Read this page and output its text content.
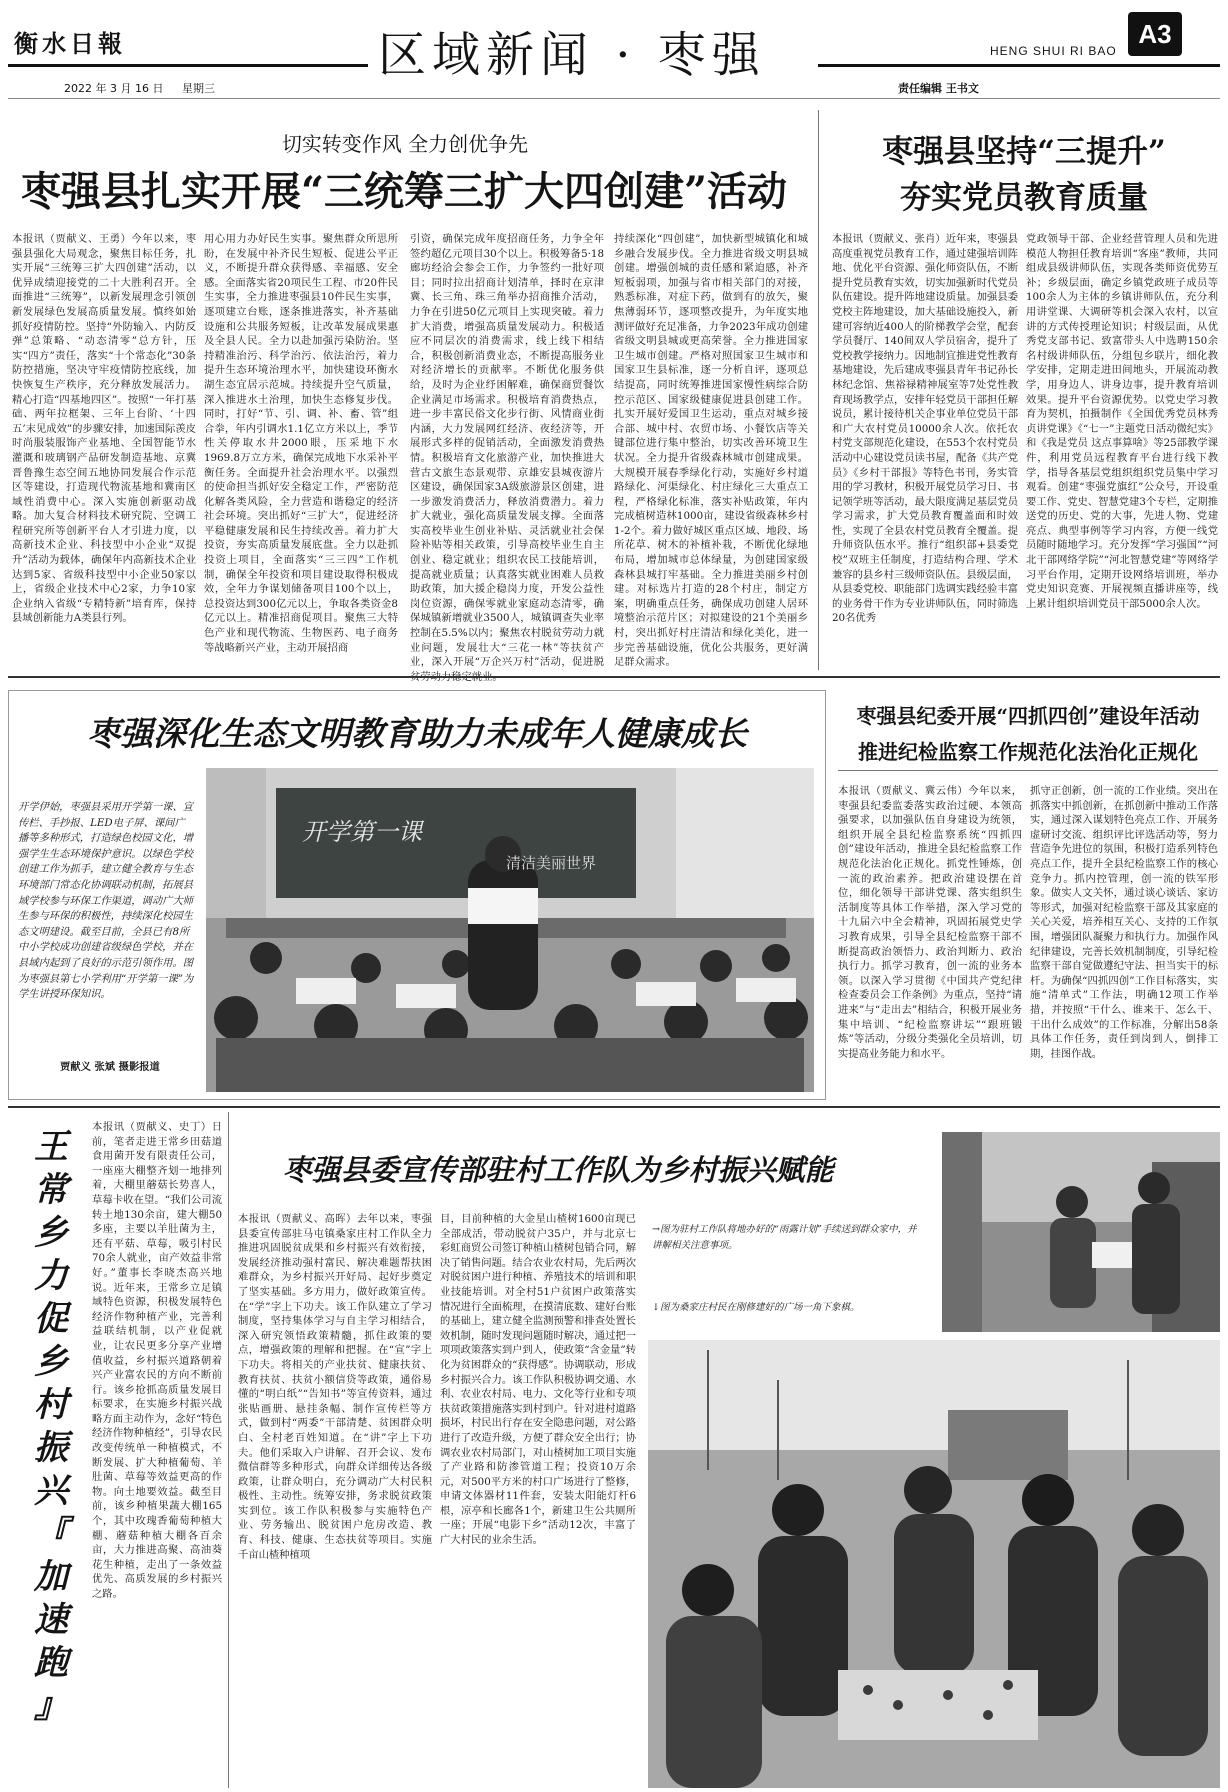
衡水日報	区域新闻 · 枣强	HENG SHUI RI BAO
A3
2022 年 3 月 16 日	星期三	责任编辑 王书文
切实转变作风 全力创优争先
枣强县扎实开展“三统筹三扩大四创建”活动
本报讯（贾献义、王勇）今年以来，枣强县强化大局观念，聚焦目标任务，扎实开展“三统筹三扩大四创建”活动，以优异成绩迎接党的二十大胜利召开。全面推进“三统筹”，以新发展理念引领创新发展绿色发展高质量发展。慎终如始抓好疫情防控。坚持“外防输入、内防反弹”总策略、“动态清零”总方针，压实“四方”责任，落实“十个常态化”30条防控措施，坚决守牢疫情防控底线，加快恢复生产秩序，充分释放发展活力。精心打造“四基地四区”。按照“一年打基础、两年拉框架、三年上台阶、‘十四五’末见成效”的步骤安排，加速国际羡皮时尚服装服饰产业基地、全国智能节水灌溉和玻璃钢产品研发制造基地、京冀晋鲁豫生态空间五地协同发展合作示范区等建设，打造现代物流基地和冀南区域性消费中心。深入实施创新驱动战略。加大复合材料技术研究院、空调工程研究所等创新平台人才引进力度，以高新技术企业、科技型中小企业“双提升”活动为载体，确保年内高新技术企业达到5家、省级科技型中小企业50家以上，省级企业技术中心2家，力争10家企业纳入省级“专精特新”培育库，保持县域创新能力A类县行列。
用心用力办好民生实事。聚焦群众所思所盼，在发展中补齐民生短板、促进公平正义，不断提升群众获得感、幸福感、安全感。全面落实省20项民生工程、市20件民生实事，全力推进枣强县10件民生实事，逐项建立台账，逐条推进落实，补齐基础设施和公共服务短板，让改革发展成果惠及全县人民。全力以赴加强污染防治。坚持精准治污、科学治污、依法治污，着力提升生态环境治理水平，加快建设环衡水湖生态宜居示范城。持续提升空气质量，深入推进水土治理，加快生态修复步伐。同时，打好“节、引、调、补、畜、管”组合拳，年内引调水1.1亿立方米以上，季节性关停取水井2000眼，压采地下水1969.8万立方米，确保完成地下水采补平衡任务。全面提升社会治理水平。以强烈的使命担当抓好安全稳定工作，严密防范化解各类风险，全力营造和谐稳定的经济社会环境。突出抓好“三扩大”，促进经济平稳健康发展和民生持续改善。着力扩大投资，夯实高质量发展底盘。全力以赴抓投资上项目，全面落实“三三四”工作机制，确保全年投资和项目建设取得积极成效，全年力争谋划储备项目100个以上，总投资达到300亿元以上，争取各类资金8亿元以上。精准招商促项目。聚焦三大特色产业和现代物流、生物医药、电子商务等战略新兴产业，主动开展招商
引资，确保完成年度招商任务，力争全年签约超亿元项目30个以上。积极筹备5·18廊坊经洽会参会工作，力争签约一批好项目；同时拉出招商计划清单，择时在京津冀、长三角、珠三角举办招商推介活动，力争在引进50亿元项目上实现突破。着力扩大消费，增强高质量发展动力。积极适应不同层次的消费需求，线上线下相结合，积极创新消费业态，不断提高服务业对经济增长的贡献率。不断优化服务供给，及时为企业纾困解难，确保商贸餐饮企业满足市场需求。积极培育消费热点，进一步丰富民俗文化步行街、风情商业街内涵，大力发展网红经济、夜经济等，开展形式多样的促销活动，全面激发消费热情。积极培育文化旅游产业，加快推进大营古文旅生态景观带、京雄安县城夜游片区建设，确保国家3A级旅游景区创建，进一步激发消费活力，释放消费潜力。着力扩大就业，强化高质量发展支撑。全面落实高校毕业生创业补贴、灵活就业社会保险补贴等相关政策，引导高校毕业生自主创业、稳定就业；组织农民工技能培训，提高就业质量；认真落实就业困难人员救助政策，加大援企稳岗力度，开发公益性岗位资源，确保零就业家庭动态清零，确保城镇新增就业3500人，城镇调查失业率控制在5.5%以内；聚焦农村脱贫劳动力就业问题，发展壮大“三花一林”等扶贫产业，深入开展“万企兴万村”活动，促进脱
持续深化“四创建”，加快新型城镇化和城乡融合发展步伐。全力推进省级文明县城创建。增强创城的责任感和紧迫感，补齐短板弱项，加强与省市相关部门的对接，熟悉标准，对症下药，做到有的放矢，聚焦薄弱环节，逐项整改提升，为年度实地测评做好充足准备，力争2023年成功创建省级文明县城或更高荣誉。全力推进国家卫生城市创建。严格对照国家卫生城市和国家卫生县标准，逐一分析自评，逐项总结提高，同时统筹推进国家慢性病综合防控示范区、国家级健康促进县创建工作。扎实开展好爱国卫生运动，重点对城乡接合部、城中村、农贸市场、小餐饮店等关键部位进行集中整治，切实改善环境卫生状况。全力提升省级森林城市创建成果。大规模开展春季绿化行动，实施好乡村道路绿化、河渠绿化、村庄绿化三大重点工程，严格绿化标准，落实补贴政策，年内完成植树造林1000亩，建设省级森林乡村1-2个。着力做好城区重点区域、地段、场所花草、树木的补植补栽，不断优化绿地布局，增加城市总体绿量，为创建国家级森林县城打牢基础。全力推进美丽乡村创建。对标选片打造的28个村庄，制定方案，明确重点任务，确保成功创建人居环境整治示范片区；对拟建设的21个美丽乡村，突出抓好村庄清洁和绿化美化，进一步完善基础设施，优化公共服务，更好满足群众需求。
枣强县坚持“三提升”
夯实党员教育质量
本报讯（贾献义、张肖）近年来，枣强县高度重视党员教育工作，通过建强培训阵地、优化平台资源、强化师资队伍，不断提升党员教育实效，切实加强新时代党员队伍建设。提升阵地建设质量。加强县委党校主阵地建设，加大基础设施投入，新建可容纳近400人的阶梯教学会堂，配套学员餐厅、140间双人学员宿舍，提升了党校教学接纳力。因地制宜推进党性教育基地建设，先后建成枣强县青年书记孙长林纪念馆、焦裕禄精神展室等7处党性教育现场教学点，安排年轻党员干部担任解说员，累计接待机关企事业单位党员干部和广大农村党员10000余人次。依托农村党支部规范化建设，在553个农村党员活动中心建设党员读书屋，配备《共产党员》《乡村干部报》等特色书刊，务实管用的学习教材，积极开展党员学习日、书记领学班等活动，最大限度满足基层党员学习需求，扩大党员教育覆盖面和时效性，实现了全县农村党员教育全覆盖。提升师资队伍水平。推行“组织部+县委党校”双班主任制度，打造结构合理、学术兼容的县乡村三级师资队伍。县级层面，从县委党校、职能部门选调实践经验丰富的业务骨干作为专业讲师队伍，同时筛选20名优秀
党政领导干部、企业经营管理人员和先进模范人物担任教育培训“客座”教师，共同组成县级讲师队伍，实现各类师资优势互补；乡级层面，确定乡镇党政班子成员等100余人为主体的乡镇讲师队伍，充分利用讲堂课、大调研等机会深入农村，以宣讲的方式传授理论知识；村级层面，从优秀党支部书记、致富带头人中选聘150余名村级讲师队伍，分组包乡联片，细化教学安排，定期走进田间地头，开展流动教学，用身边人、讲身边事，提升教育培训效果。提升平台资源优势。以党史学习教育为契机，拍摄制作《全国优秀党员林秀贞讲党课》《“七一”主题党日活动微纪实》和《我是党员 这点事算啥》等25部教学课件，利用党员远程教育平台进行线下教学，指导各基层党组织组织党员集中学习观看。创建“枣强党旗红”公众号，开设重要工作、党史、智慧党建3个专栏，定期推送党的历史、党的大事，先进人物、党建亮点、典型事例等学习内容，方便一线党员随时随地学习。充分发挥“学习强国”“河北干部网络学院”“河北智慧党建”等网络学习平台作用，定期开设网络培训班，举办党史知识竞赛、开展视频直播讲座等，线上累计组织培训党员干部5000余人次。
枣强深化生态文明教育助力未成年人健康成长
开学伊始，枣强县采用开学第一课、宣传栏、手抄报、LED电子屏、课间广播等多种形式，打造绿色校园文化，增强学生生态环境保护意识。以绿色学校创建工作为抓手，建立健全教育与生态环境部门常态化协调联动机制，拓展县域学校参与环保工作渠道，调动广大师生参与环保的积极性，持续深化校园生态文明建设。截至目前，全县已有8所中小学校成功创建省级绿色学校，并在县域内起到了良好的示范引领作用。图为枣强县第七小学利用“开学第一课”为学生讲授环保知识。
贾献义 张斌 摄影报道
开学第一课
清洁美丽世界
枣强县纪委开展“四抓四创”建设年活动
推进纪检监察工作规范化法治化正规化
本报讯（贾献义、冀云伟）今年以来，枣强县纪委监委落实政治过硬、本领高强要求，以加强队伍自身建设为统领，组织开展全县纪检监察系统“四抓四创”建设年活动，推进全县纪检监察工作规范化法治化正规化。抓党性锤炼，创一流的政治素养。把政治建设摆在首位，细化领导干部讲党课、落实组织生活制度等具体工作举措，深入学习党的十九届六中全会精神，巩固拓展党史学习教育成果，引导全县纪检监察干部不断提高政治领悟力、政治判断力、政治执行力。抓学习教育，创一流的业务本领。以深入学习贯彻《中国共产党纪律检查委员会工作条例》为重点，坚持“请进来”与“走出去”相结合，积极开展业务集中培训、“纪检监察讲坛”“跟班锻炼”等活动，分级分类强化全员培训，切实提高业务能力和水平。
抓守正创新，创一流的工作业绩。突出在抓落实中抓创新，在抓创新中推动工作落实，通过深入谋划特色亮点工作、开展务虚研讨交流、组织评比评选活动等，努力营造争先进位的氛围，积极打造系列特色亮点工作，提升全县纪检监察工作的核心竞争力。抓内控管理，创一流的铁军形象。做实人文关怀，通过谈心谈话、家访等形式，加强对纪检监察干部及其家庭的关心关爱，培养相互关心、支持的工作氛围，增强团队凝聚力和执行力。加强作风纪律建设，完善长效机制制度，引导纪检监察干部自觉做遵纪守法、担当实干的标杆。为确保“四抓四创”工作目标落实，实施“清单式”工作法，明确12项工作举措，并按照“干什么、谁来干、怎么干、干出什么成效”的工作标准，分解出58条具体工作任务，责任到岗到人，倒排工期，挂图作战。
王
常
乡
力
促
乡
村
振
兴
『
加
速
跑
』
本报讯（贾献义、史丁）日前，笔者走进王常乡田菇道食用菌开发有限责任公司，一座座大棚整齐划一地排列着，大棚里蘑菇长势喜人，草莓卡收在望。“我们公司流转土地130余亩，建大棚50多座，主要以羊肚菌为主，还有平菇、草莓，吸引村民70余人就业，亩产效益非常好。”董事长李晓杰高兴地说。近年来，王常乡立足镇域特色资源，积极发展特色经济作物种植产业，完善利益联结机制，以产业促就业，让农民更多分享产业增值收益，乡村振兴道路朝着兴产业富农民的方向不断前行。该乡抢抓高质量发展目标要求，在实施乡村振兴战略方面主动作为，念好“特色经济作物种植经”，引导农民改变传统单一种植模式，不断发展、扩大种植葡萄、羊肚菌、草莓等效益更高的作物。向土地要效益。截至目前，该乡种植果蔬大棚165个，其中玫瑰香葡萄种植大棚、蘑菇种植大棚各百余亩，大力推进高聚、高油葵花生种植，走出了一条效益优先、高质发展的乡村振兴之路。
枣强县委宣传部驻村工作队为乡村振兴赋能
本报讯（贾献义、高晖）去年以来，枣强县委宣传部驻马屯镇桑家庄村工作队全力推进巩固脱贫成果和乡村振兴有效衔接，发展经济推动强村富民、解决难题帮扶困难群众，为乡村振兴开好局、起好步奠定了坚实基础。多方用力，做好政策宣传。在“学”字上下功夫。该工作队建立了学习制度，坚持集体学习与自主学习相结合，深入研究领悟政策精髓，抓住政策的要点，增强政策的理解和把握。在“宣”字上下功夫。将相关的产业扶贫、健康扶贫、教育扶贫、扶贫小额信贷等政策，通俗易懂的“明白纸”“告知书”等宣传资料，通过张贴画册、悬挂条幅、制作宣传栏等方式，做到村“两委”干部清楚、贫困群众明白、全村老百姓知道。在“讲”字上下功夫。他们采取入户讲解、召开会议、发布微信群等多种形式，向群众详细传达各级政策，让群众明白，充分调动广大村民积极性、主动性。统筹安排，务求脱贫政策实到位。该工作队积极参与实施特色产业、劳务输出、脱贫困户危房改造、教育、科技、健康、生态扶贫等项目。实施千亩山楂种植项
目，目前种植的大金星山楂树1600亩现已全部成活，带动脱贫户35户，并与北京七彩虹商贸公司签订种植山楂树包销合同，解决了销售问题。结合农业农村局，先后两次对脱贫困户进行种植、养殖技术的培训和职业技能培训。对全村51户贫困户政策落实情况进行全面梳理，在摸清底数、建好台账的基础上，建立健全监测预警和排查处置长效机制，随时发现问题随时解决，通过把一项项政策落实到户到人，使政策“含金量”转化为贫困群众的“获得感”。协调联动，形成乡村振兴合力。该工作队积极协调交通、水利、农业农村局、电力、文化等行业和专项扶贫政策措施落实到村到户。针对进村道路损坏，村民出行存在安全隐患问题，对公路进行了改造升级，方便了群众安全出行；协调农业农村局部门，对山楂树加工项目实施了产业路和防渗管道工程；投资10万余元，对500平方米的村口广场进行了整修，申请文体器材11件套，安装太阳能灯杆6根，凉亭和长廊各1个，新建卫生公共厕所一座；开展“电影下乡”活动12次，丰富了广大村民的业余生活。
→图为驻村工作队将地办好的“雨露计划”手续送到群众家中，并讲解相关注意事项。
↓图为桑家庄村民在刚修建好的广场一角下象棋。
